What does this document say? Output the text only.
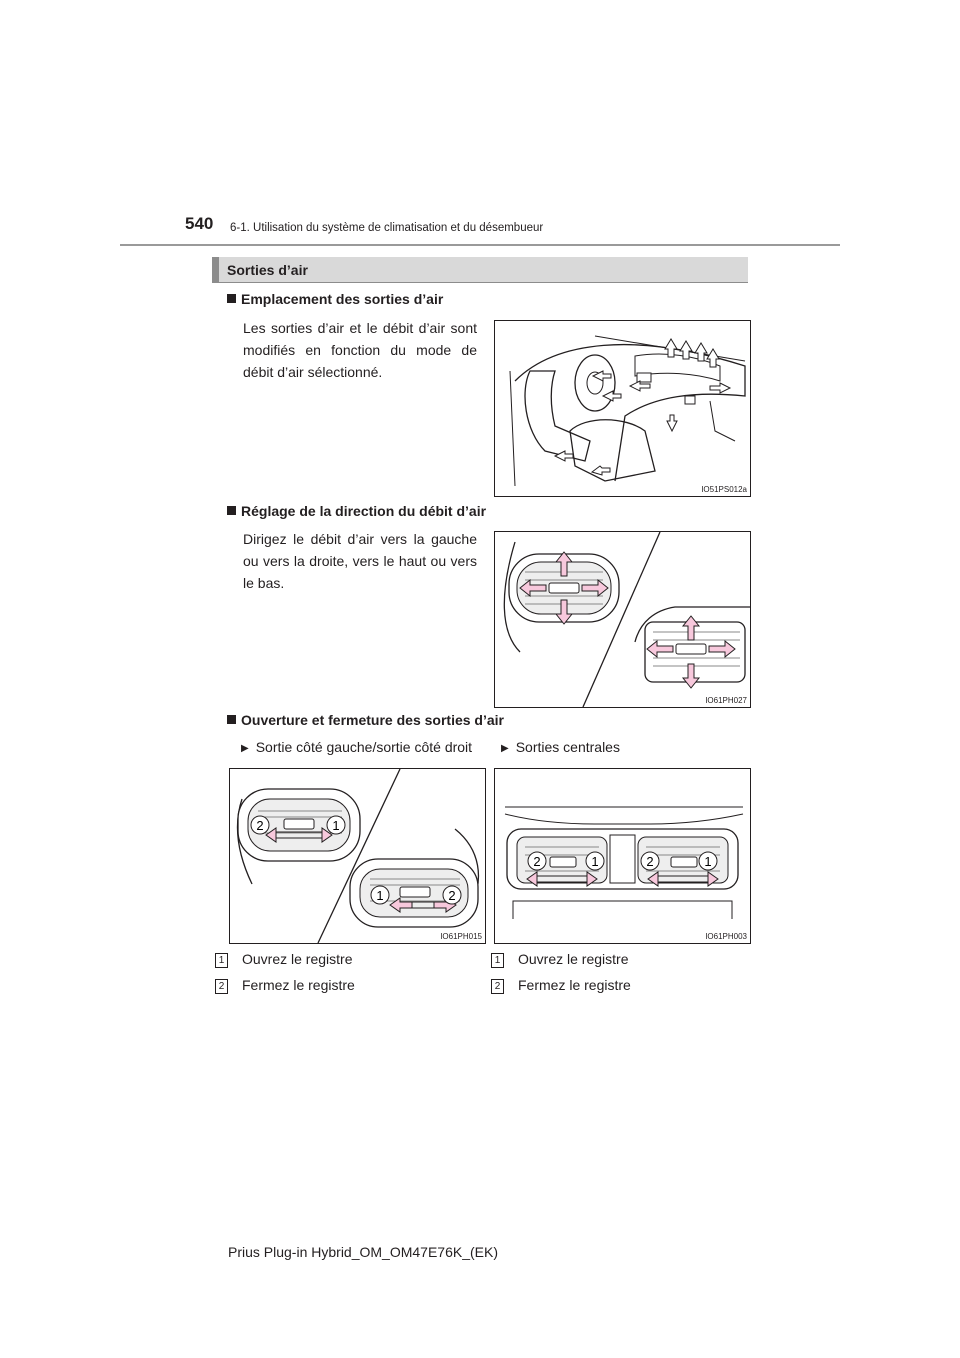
540 6-1. Utilisation du système de climatisation et du désembueur
Sorties d’air
Emplacement des sorties d’air
Les sorties d’air et le débit d’air sont modifiés en fonction du mode de débit d’air sélectionné.
IO51PS012a
Réglage de la direction du débit d’air
Dirigez le débit d’air vers la gauche ou vers la droite, vers le haut ou vers le bas.
IO61PH027
Ouverture et fermeture des sorties d’air
▶ Sortie côté gauche/sortie côté droit	▶ Sorties centrales
2	1
1	2
IO61PH015
2	1	2	1
IO61PH003
1 Ouvrez le registre
2 Fermez le registre
1 Ouvrez le registre
2 Fermez le registre
Prius Plug-in Hybrid_OM_OM47E76K_(EK)
